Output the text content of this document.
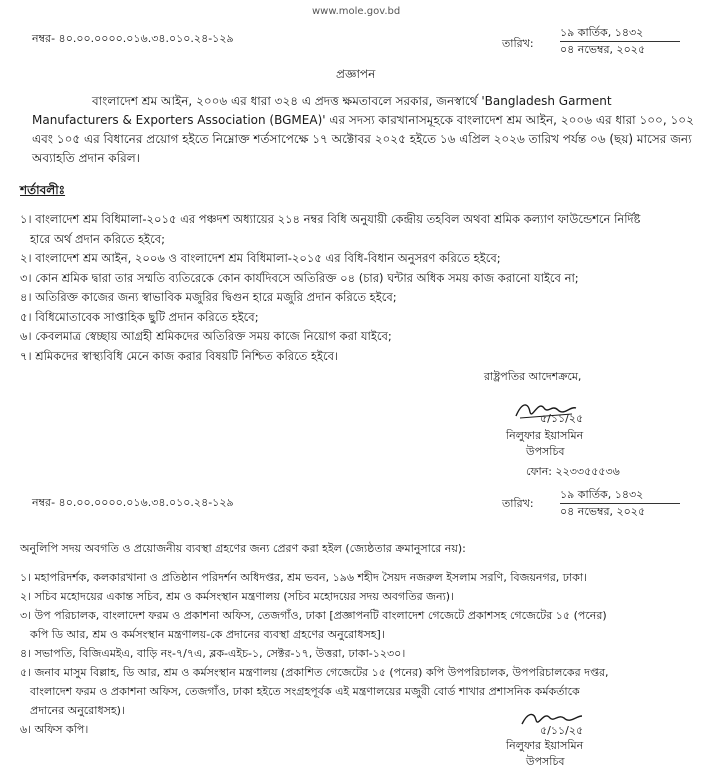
www.mole.gov.bd
নম্বর- ৪০.০০.০০০০.০১৬.৩৪.০১০.২৪-১২৯	তারিখ:
১৯ কার্তিক, ১৪৩২
০৪ নভেম্বর, ২০২৫
প্রজ্ঞাপন
বাংলাদেশ শ্রম আইন, ২০০৬ এর ধারা ৩২৪ এ প্রদত্ত ক্ষমতাবলে সরকার, জনস্বার্থে 'Bangladesh Garment Manufacturers & Exporters Association (BGMEA)' এর সদস্য কারখানাসমূহকে বাংলাদেশ শ্রম আইন, ২০০৬ এর ধারা ১০০, ১০২ এবং ১০৫ এর বিধানের প্রয়োগ হইতে নিম্নোক্ত শর্তসাপেক্ষে ১৭ অক্টোবর ২০২৫ হইতে ১৬ এপ্রিল ২০২৬ তারিখ পর্যন্ত ০৬ (ছয়) মাসের জন্য অব্যাহতি প্রদান করিল।
শর্তাবলীঃ
১। বাংলাদেশ শ্রম বিধিমালা-২০১৫ এর পঞ্চদশ অধ্যায়ের ২১৪ নম্বর বিধি অনুযায়ী কেন্দ্রীয় তহবিল অথবা শ্রমিক কল্যাণ ফাউন্ডেশনে নির্দিষ্ট
হারে অর্থ প্রদান করিতে হইবে;
২। বাংলাদেশ শ্রম আইন, ২০০৬ ও বাংলাদেশ শ্রম বিধিমালা-২০১৫ এর বিধি-বিধান অনুসরণ করিতে হইবে;
৩। কোন শ্রমিক দ্বারা তার সম্মতি ব্যতিরেকে কোন কার্যদিবসে অতিরিক্ত ০৪ (চার) ঘন্টার অধিক সময় কাজ করানো যাইবে না;
৪। অতিরিক্ত কাজের জন্য স্বাভাবিক মজুরির দ্বিগুন হারে মজুরি প্রদান করিতে হইবে;
৫। বিধিমোতাবেক সাপ্তাহিক ছুটি প্রদান করিতে হইবে;
৬। কেবলমাত্র স্বেচ্ছায় আগ্রহী শ্রমিকদের অতিরিক্ত সময় কাজে নিয়োগ করা যাইবে;
৭। শ্রমিকদের স্বাস্থ্যবিধি মেনে কাজ করার বিষয়টি নিশ্চিত করিতে হইবে।
রাষ্ট্রপতির আদেশক্রমে,
৫/১১/২৫
নিলুফার ইয়াসমিন
উপসচিব
ফোন: ২২৩৩৫৫৫৩৬
নম্বর- ৪০.০০.০০০০.০১৬.৩৪.০১০.২৪-১২৯	তারিখ:
১৯ কার্তিক, ১৪৩২
০৪ নভেম্বর, ২০২৫
অনুলিপি সদয় অবগতি ও প্রয়োজনীয় ব্যবস্থা গ্রহণের জন্য প্রেরণ করা হইল (জ্যেষ্ঠতার ক্রমানুসারে নয়):
১। মহাপরিদর্শক, কলকারখানা ও প্রতিষ্ঠান পরিদর্শন অধিদপ্তর, শ্রম ভবন, ১৯৬ শহীদ সৈয়দ নজরুল ইসলাম সরণি, বিজয়নগর, ঢাকা।
২। সচিব মহোদয়ের একান্ত সচিব, শ্রম ও কর্মসংস্থান মন্ত্রণালয় (সচিব মহোদয়ের সদয় অবগতির জন্য)।
৩। উপ পরিচালক, বাংলাদেশ ফরম ও প্রকাশনা অফিস, তেজগাঁও, ঢাকা [প্রজ্ঞাপনটি বাংলাদেশ গেজেটে প্রকাশসহ গেজেটের ১৫ (পনের)
কপি ডি আর, শ্রম ও কর্মসংস্থান মন্ত্রণালয়-কে প্রদানের ব্যবস্থা গ্রহণের অনুরোধসহ]।
৪। সভাপতি, বিজিএমইএ, বাড়ি নং-৭/৭এ, ব্লক-এইচ-১, সেক্টর-১৭, উত্তরা, ঢাকা-১২৩০।
৫। জনাব মাসুম বিল্লাহ, ডি আর, শ্রম ও কর্মসংস্থান মন্ত্রণালয় (প্রকাশিত গেজেটের ১৫ (পনের) কপি উপপরিচালক, উপপরিচালকের দপ্তর,
বাংলাদেশ ফরম ও প্রকাশনা অফিস, তেজগাঁও, ঢাকা হইতে সংগ্রহপূর্বক এই মন্ত্রণালয়ের মজুরী বোর্ড শাখার প্রশাসনিক কর্মকর্তাকে
প্রদানের অনুরোধসহ)।
৬। অফিস কপি।	৫/১১/২৫
নিলুফার ইয়াসমিন
উপসচিব
